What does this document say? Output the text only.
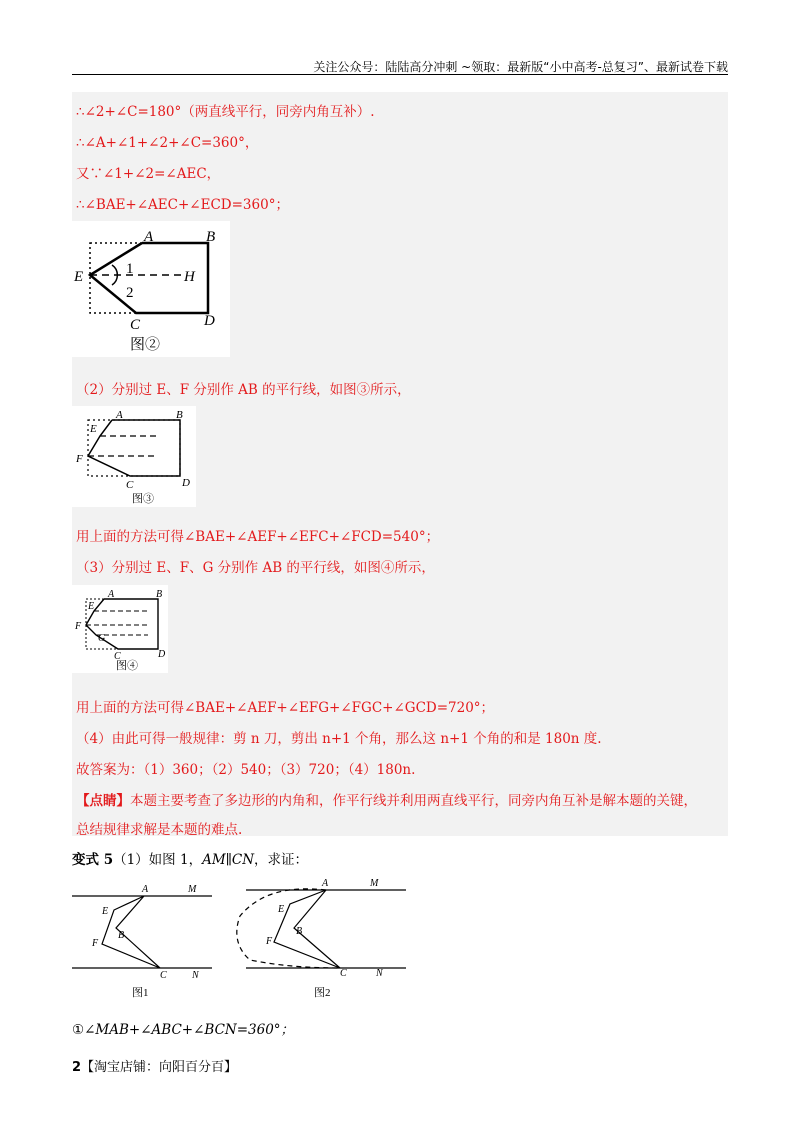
关注公众号：陆陆高分冲刺 ~领取：最新版“小中高考-总复习”、最新试卷下载
∴∠2+∠C=180°（两直线平行，同旁内角互补）.
∴∠A+∠1+∠2+∠C=360°，
又∵∠1+∠2=∠AEC，
∴∠BAE+∠AEC+∠ECD=360°；
A	B
E	H
1
2
C	D
图②
（2）分别过 E、F 分别作 AB 的平行线，如图③所示，
A	B
E
F
C	D
图③
用上面的方法可得∠BAE+∠AEF+∠EFC+∠FCD=540°；
（3）分别过 E、F、G 分别作 AB 的平行线，如图④所示，
A	B
E
F
G
C	D
图④
用上面的方法可得∠BAE+∠AEF+∠EFG+∠FGC+∠GCD=720°；
（4）由此可得一般规律：剪 n 刀，剪出 n+1 个角，那么这 n+1 个角的和是 180n 度.
故答案为：（1）360；（2）540；（3）720；（4）180n.
【点睛】本题主要考查了多边形的内角和，作平行线并利用两直线平行，同旁内角互补是解本题的关键，
总结规律求解是本题的难点.
变式 5（1）如图 1，AM∥CN，求证：
A	M
E
B
F
C	N
图1
A	M
E
B
F
C	N
图2
①∠MAB+∠ABC+∠BCN=360°；
2【淘宝店铺：向阳百分百】
